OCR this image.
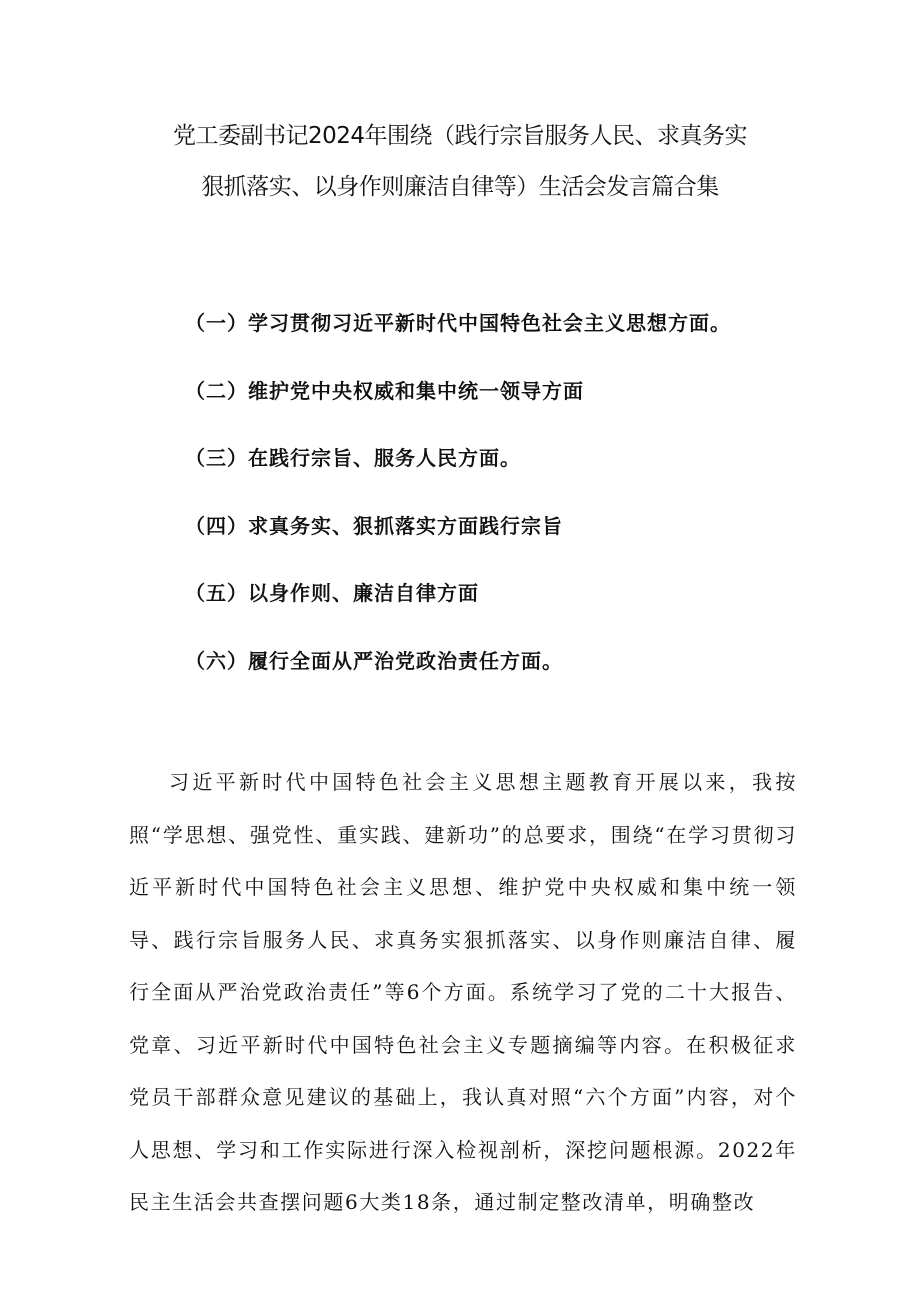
党工委副书记2024年围绕（践行宗旨服务人民、求真务实
狠抓落实、以身作则廉洁自律等）生活会发言篇合集
（一）学习贯彻习近平新时代中国特色社会主义思想方面。
（二）维护党中央权威和集中统一领导方面
（三）在践行宗旨、服务人民方面。
（四）求真务实、狠抓落实方面践行宗旨
（五）以身作则、廉洁自律方面
（六）履行全面从严治党政治责任方面。

习近平新时代中国特色社会主义思想主题教育开展以来，我按照“学思想、强党性、重实践、建新功”的总要求，围绕“在学习贯彻习近平新时代中国特色社会主义思想、维护党中央权威和集中统一领导、践行宗旨服务人民、求真务实狠抓落实、以身作则廉洁自律、履行全面从严治党政治责任”等6个方面。系统学习了党的二十大报告、党章、习近平新时代中国特色社会主义专题摘编等内容。在积极征求党员干部群众意见建议的基础上，我认真对照“六个方面”内容，对个人思想、学习和工作实际进行深入检视剖析，深挖问题根源。2022年民主生活会共查摆问题6大类18条，通过制定整改清单，明确整改
